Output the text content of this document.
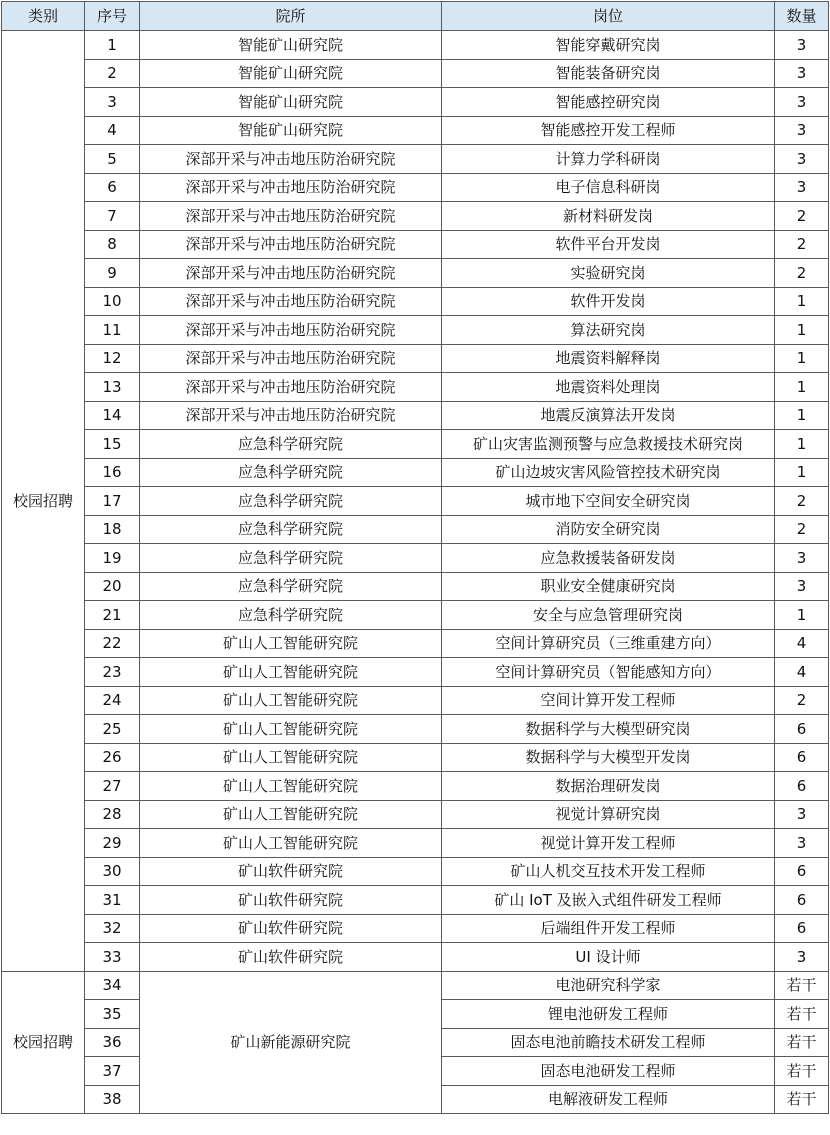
类别	序号	院所	岗位	数量
校园招聘	1	智能矿山研究院	智能穿戴研究岗	3
	2	智能矿山研究院	智能装备研究岗	3
	3	智能矿山研究院	智能感控研究岗	3
	4	智能矿山研究院	智能感控开发工程师	3
	5	深部开采与冲击地压防治研究院	计算力学科研岗	3
	6	深部开采与冲击地压防治研究院	电子信息科研岗	3
	7	深部开采与冲击地压防治研究院	新材料研发岗	2
	8	深部开采与冲击地压防治研究院	软件平台开发岗	2
	9	深部开采与冲击地压防治研究院	实验研究岗	2
	10	深部开采与冲击地压防治研究院	软件开发岗	1
	11	深部开采与冲击地压防治研究院	算法研究岗	1
	12	深部开采与冲击地压防治研究院	地震资料解释岗	1
	13	深部开采与冲击地压防治研究院	地震资料处理岗	1
	14	深部开采与冲击地压防治研究院	地震反演算法开发岗	1
	15	应急科学研究院	矿山灾害监测预警与应急救援技术研究岗	1
	16	应急科学研究院	矿山边坡灾害风险管控技术研究岗	1
	17	应急科学研究院	城市地下空间安全研究岗	2
	18	应急科学研究院	消防安全研究岗	2
	19	应急科学研究院	应急救援装备研发岗	3
	20	应急科学研究院	职业安全健康研究岗	3
	21	应急科学研究院	安全与应急管理研究岗	1
	22	矿山人工智能研究院	空间计算研究员（三维重建方向）	4
	23	矿山人工智能研究院	空间计算研究员（智能感知方向）	4
	24	矿山人工智能研究院	空间计算开发工程师	2
	25	矿山人工智能研究院	数据科学与大模型研究岗	6
	26	矿山人工智能研究院	数据科学与大模型开发岗	6
	27	矿山人工智能研究院	数据治理研发岗	6
	28	矿山人工智能研究院	视觉计算研究岗	3
	29	矿山人工智能研究院	视觉计算开发工程师	3
	30	矿山软件研究院	矿山人机交互技术开发工程师	6
	31	矿山软件研究院	矿山 IoT 及嵌入式组件研发工程师	6
	32	矿山软件研究院	后端组件开发工程师	6
	33	矿山软件研究院	UI 设计师	3
校园招聘	34	矿山新能源研究院	电池研究科学家	若干
	35		锂电池研发工程师	若干
	36		固态电池前瞻技术研发工程师	若干
	37		固态电池研发工程师	若干
	38		电解液研发工程师	若干
